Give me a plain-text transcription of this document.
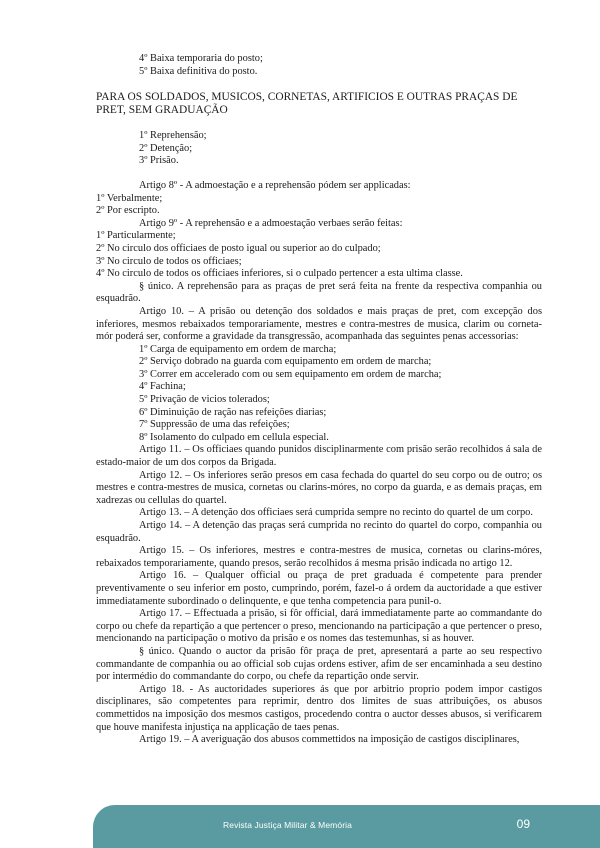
4º Baixa temporaria do posto;

5º Baixa definitiva do posto.

PARA OS SOLDADOS, MUSICOS, CORNETAS, ARTIFICIOS E OUTRAS PRAÇAS DE PRET, SEM GRADUAÇÃO

1º Reprehensão;

2º Detenção;

3º Prisão.

Artigo 8º - A admoestação e a reprehensão pódem ser applicadas:

1º Verbalmente;

2º Por escripto.

Artigo 9º - A reprehensão e a admoestação verbaes serão feitas:

1º Particularmente;

2º No circulo dos officiaes de posto igual ou superior ao do culpado;

3º No circulo de todos os officiaes;

4º No circulo de todos os officiaes inferiores, si o culpado pertencer a esta ultima classe.

§ único. A reprehensão para as praças de pret será feita na frente da respectiva companhia ou esquadrão.

Artigo 10. – A prisão ou detenção dos soldados e mais praças de pret, com excepção dos inferiores, mesmos rebaixados temporariamente, mestres e contra-mestres de musica, clarim ou corneta-mór poderá ser, conforme a gravidade da transgressão, acompanhada das seguintes penas accessorias:

1º Carga de equipamento em ordem de marcha;

2º Serviço dobrado na guarda com equipamento em ordem de marcha;

3º Correr em accelerado com ou sem equipamento em ordem de marcha;

4º Fachina;

5º Privação de vicios tolerados;

6º Diminuição de ração nas refeições diarias;

7º Suppressão de uma das refeições;

8º Isolamento do culpado em cellula especial.

Artigo 11. – Os officiaes quando punidos disciplinarmente com prisão serão recolhidos á sala de estado-maior de um dos corpos da Brigada.

Artigo 12. – Os inferiores serão presos em casa fechada do quartel do seu corpo ou de outro; os mestres e contra-mestres de musica, cornetas ou clarins-móres, no corpo da guarda, e as demais praças, em xadrezas ou cellulas do quartel.

Artigo 13. – A detenção dos officiaes será cumprida sempre no recinto do quartel de um corpo.

Artigo 14. – A detenção das praças será cumprida no recinto do quartel do corpo, companhia ou esquadrão.

Artigo 15. – Os inferiores, mestres e contra-mestres de musica, cornetas ou clarins-móres, rebaixados temporariamente, quando presos, serão recolhidos á mesma prisão indicada no artigo 12.

Artigo 16. – Qualquer official ou praça de pret graduada é competente para prender preventivamente o seu inferior em posto, cumprindo, porém, fazel-o á ordem da auctoridade a que estiver immediatamente subordinado o delinquente, e que tenha competencia para punil-o.

Artigo 17. – Effectuada a prisão, si fôr official, dará immediatamente parte ao commandante do corpo ou chefe da repartição a que pertencer o preso, mencionando na participação a que pertencer o preso, mencionando na participação o motivo da prisão e os nomes das testemunhas, si as houver.

§ único. Quando o auctor da prisão fôr praça de pret, apresentará a parte ao seu respectivo commandante de companhia ou ao official sob cujas ordens estiver, afim de ser encaminhada a seu destino por intermédio do commandante do corpo, ou chefe da repartição onde servir.

Artigo 18. - As auctoridades superiores ás que por arbitrio proprio podem impor castigos disciplinares, são competentes para reprimir, dentro dos limites de suas attribuições, os abusos commettidos na imposição dos mesmos castigos, procedendo contra o auctor desses abusos, si verificarem que houve manifesta injustiça na applicação de taes penas.

Artigo 19. – A averiguação dos abusos commettidos na imposição de castigos disciplinares,

Revista Justiça Militar & Memória	09
